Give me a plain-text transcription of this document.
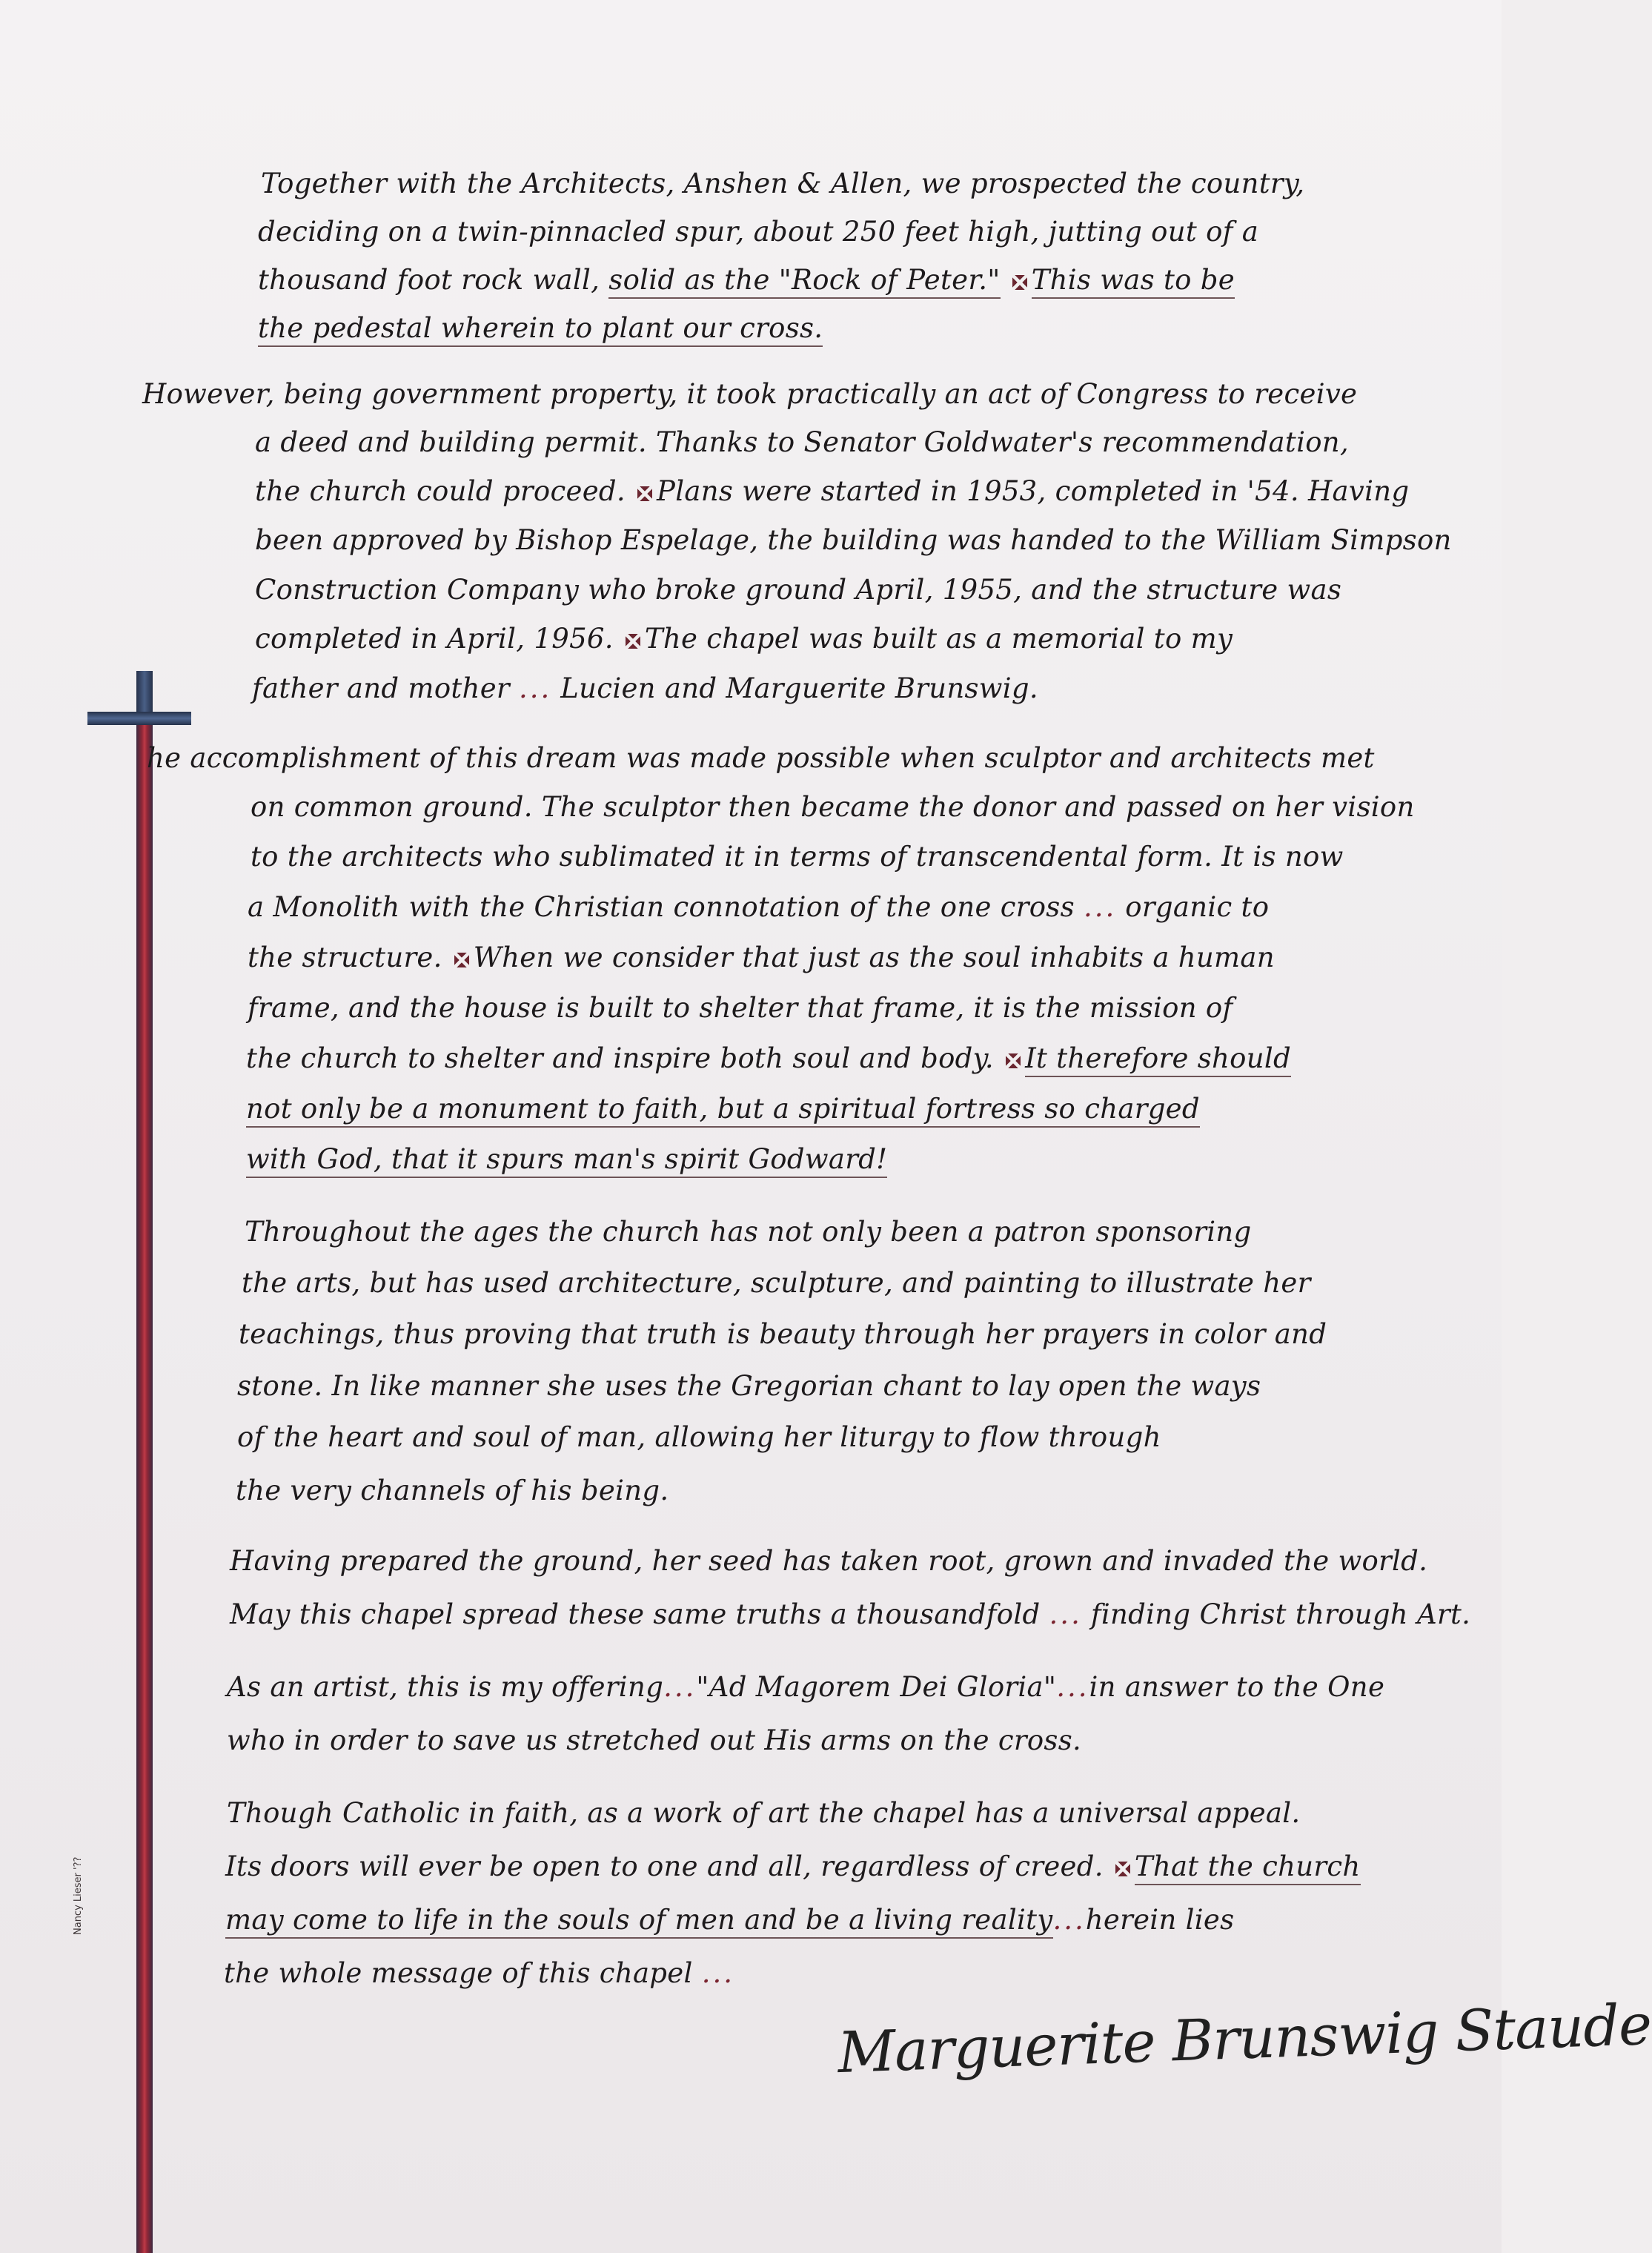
Nancy Lieser '??
Together with the Architects, Anshen & Allen, we prospected the country,
deciding on a twin-pinnacled spur, about 250 feet high, jutting out of a
thousand foot rock wall, solid as the "Rock of Peter." This was to be
the pedestal wherein to plant our cross.
However, being government property, it took practically an act of Congress to receive
a deed and building permit. Thanks to Senator Goldwater's recommendation,
the church could proceed. Plans were started in 1953, completed in '54. Having
been approved by Bishop Espelage, the building was handed to the William Simpson
Construction Company who broke ground April, 1955, and the structure was
completed in April, 1956. The chapel was built as a memorial to my
father and mother ... Lucien and Marguerite Brunswig.
he accomplishment of this dream was made possible when sculptor and architects met
on common ground. The sculptor then became the donor and passed on her vision
to the architects who sublimated it in terms of transcendental form. It is now
a Monolith with the Christian connotation of the one cross ... organic to
the structure. When we consider that just as the soul inhabits a human
frame, and the house is built to shelter that frame, it is the mission of
the church to shelter and inspire both soul and body. It therefore should
not only be a monument to faith, but a spiritual fortress so charged
with God, that it spurs man's spirit Godward!
Throughout the ages the church has not only been a patron sponsoring
the arts, but has used architecture, sculpture, and painting to illustrate her
teachings, thus proving that truth is beauty through her prayers in color and
stone. In like manner she uses the Gregorian chant to lay open the ways
of the heart and soul of man, allowing her liturgy to flow through
the very channels of his being.
Having prepared the ground, her seed has taken root, grown and invaded the world.
May this chapel spread these same truths a thousandfold ... finding Christ through Art.
As an artist, this is my offering..."Ad Magorem Dei Gloria"...in answer to the One
who in order to save us stretched out His arms on the cross.
Though Catholic in faith, as a work of art the chapel has a universal appeal.
Its doors will ever be open to one and all, regardless of creed. That the church
may come to life in the souls of men and be a living reality...herein lies
the whole message of this chapel ...
Marguerite Brunswig Staude
